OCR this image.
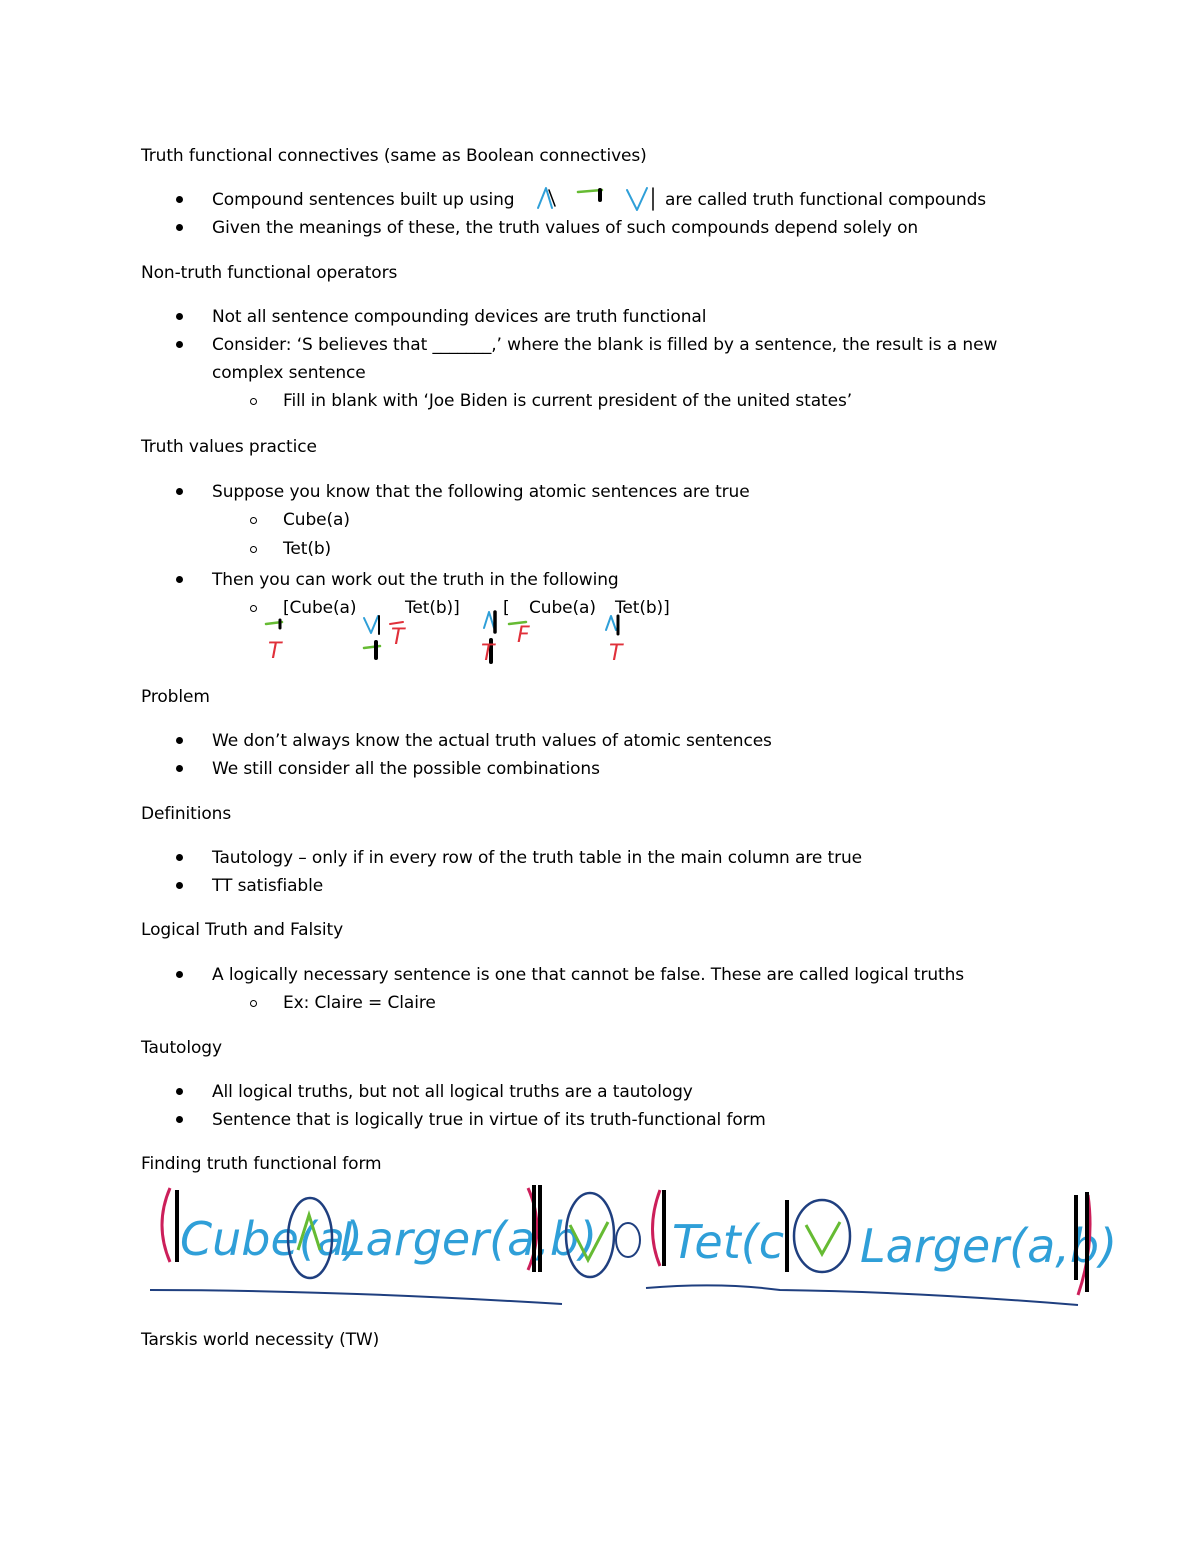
Truth functional connectives (same as Boolean connectives)
Compound sentences built up using	are called truth functional compounds
Given the meanings of these, the truth values of such compounds depend solely on
Non-truth functional operators
Not all sentence compounding devices are truth functional
Consider: ‘S believes that _______,’ where the blank is filled by a sentence, the result is a new
complex sentence
Fill in blank with ‘Joe Biden is current president of the united states’
Truth values practice
Suppose you know that the following atomic sentences are true
Cube(a)
Tet(b)
Then you can work out the truth in the following
[Cube(a)	Tet(b)]	[ Cube(a) Tet(b)]
Problem
We don’t always know the actual truth values of atomic sentences
We still consider all the possible combinations
Definitions
Tautology – only if in every row of the truth table in the main column are true
TT satisfiable
Logical Truth and Falsity
A logically necessary sentence is one that cannot be false. These are called logical truths
Ex: Claire = Claire
Tautology
All logical truths, but not all logical truths are a tautology
Sentence that is logically true in virtue of its truth-functional form
Finding truth functional form
Tarskis world necessity (TW)
T
T
T
F
T
Cube(a)
Larger(a,b) Tet(c Larger(a,b)
